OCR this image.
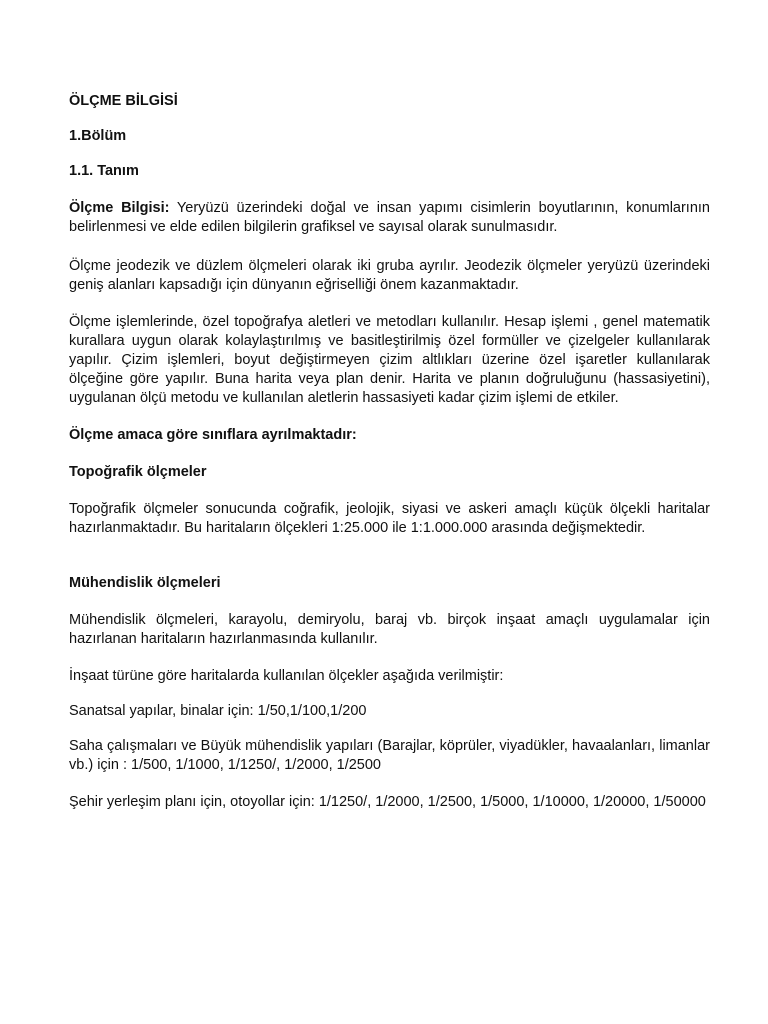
ÖLÇME BİLGİSİ

1.Bölüm

1.1. Tanım

Ölçme Bilgisi: Yeryüzü üzerindeki doğal ve insan yapımı cisimlerin boyutlarının, konumlarının belirlenmesi ve elde edilen bilgilerin grafiksel ve sayısal olarak sunulmasıdır.

Ölçme jeodezik ve düzlem ölçmeleri olarak iki gruba ayrılır. Jeodezik ölçmeler yeryüzü üzerindeki geniş alanları kapsadığı için dünyanın eğriselliği önem kazanmaktadır.

Ölçme işlemlerinde, özel topoğrafya aletleri ve metodları kullanılır. Hesap işlemi , genel matematik kurallara uygun olarak kolaylaştırılmış ve basitleştirilmiş özel formüller ve çizelgeler kullanılarak yapılır. Çizim işlemleri, boyut değiştirmeyen çizim altlıkları üzerine özel işaretler kullanılarak ölçeğine göre yapılır. Buna harita veya plan denir. Harita ve planın doğruluğunu (hassasiyetini), uygulanan ölçü metodu ve kullanılan aletlerin hassasiyeti kadar çizim işlemi de etkiler.

Ölçme amaca göre sınıflara ayrılmaktadır:

Topoğrafik ölçmeler

Topoğrafik ölçmeler sonucunda coğrafik, jeolojik, siyasi ve askeri amaçlı küçük ölçekli haritalar hazırlanmaktadır. Bu haritaların ölçekleri 1:25.000 ile 1:1.000.000 arasında değişmektedir.

Mühendislik ölçmeleri

Mühendislik ölçmeleri, karayolu, demiryolu, baraj vb. birçok inşaat amaçlı uygulamalar için hazırlanan haritaların hazırlanmasında kullanılır.

İnşaat türüne göre haritalarda kullanılan ölçekler aşağıda verilmiştir:

Sanatsal yapılar, binalar için: 1/50,1/100,1/200

Saha çalışmaları ve Büyük mühendislik yapıları (Barajlar, köprüler, viyadükler, havaalanları, limanlar vb.) için : 1/500, 1/1000, 1/1250/, 1/2000, 1/2500

Şehir yerleşim planı için, otoyollar için: 1/1250/, 1/2000, 1/2500, 1/5000, 1/10000, 1/20000, 1/50000
